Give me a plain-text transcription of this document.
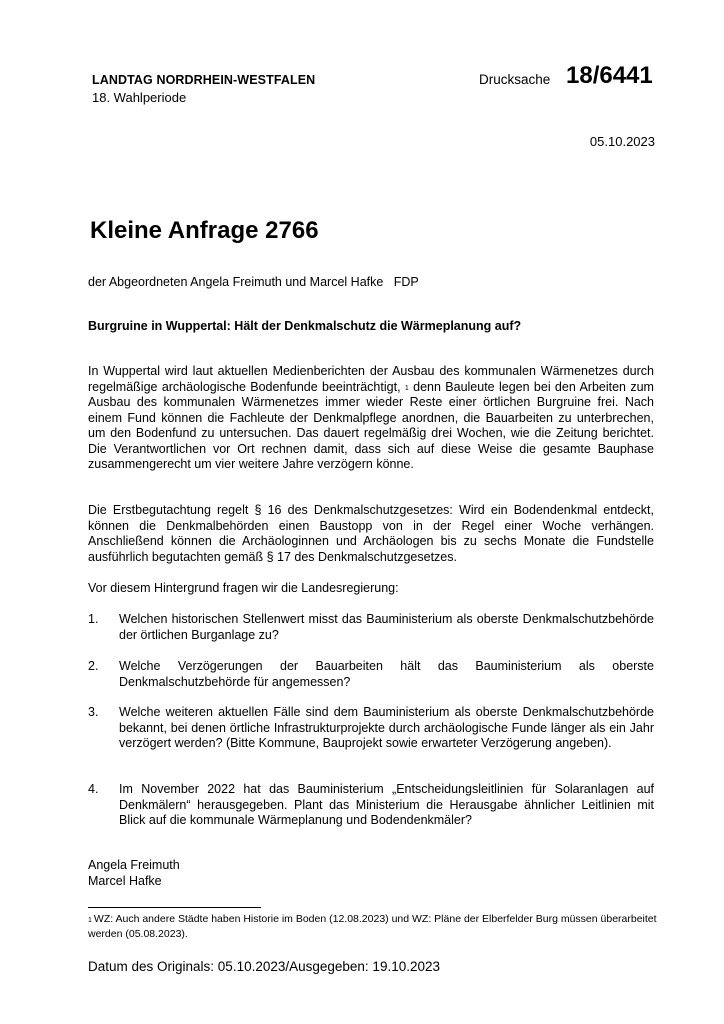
LANDTAG NORDRHEIN-WESTFALEN
18. Wahlperiode
Drucksache 18/6441
05.10.2023
Kleine Anfrage 2766
der Abgeordneten Angela Freimuth und Marcel Hafke   FDP
Burgruine in Wuppertal: Hält der Denkmalschutz die Wärmeplanung auf?
In Wuppertal wird laut aktuellen Medienberichten der Ausbau des kommunalen Wärmenetzes durch regelmäßige archäologische Bodenfunde beeinträchtigt, $^1$ denn Bauleute legen bei den Arbeiten zum Ausbau des kommunalen Wärmenetzes immer wieder Reste einer örtlichen Burgruine frei. Nach einem Fund können die Fachleute der Denkmalpflege anordnen, die Bauarbeiten zu unterbrechen, um den Bodenfund zu untersuchen. Das dauert regelmäßig drei Wochen, wie die Zeitung berichtet. Die Verantwortlichen vor Ort rechnen damit, dass sich auf diese Weise die gesamte Bauphase zusammengerecht um vier weitere Jahre verzögern könne.
Die Erstbegutachtung regelt § 16 des Denkmalschutzgesetzes: Wird ein Bodendenkmal entdeckt, können die Denkmalbehörden einen Baustopp von in der Regel einer Woche verhängen. Anschließend können die Archäologinnen und Archäologen bis zu sechs Monate die Fundstelle ausführlich begutachten gemäß § 17 des Denkmalschutzgesetzes.
Vor diesem Hintergrund fragen wir die Landesregierung:
1. Welchen historischen Stellenwert misst das Bauministerium als oberste Denkmalschutzbehörde der örtlichen Burganlage zu?
2. Welche Verzögerungen der Bauarbeiten hält das Bauministerium als oberste Denkmalschutzbehörde für angemessen?
3. Welche weiteren aktuellen Fälle sind dem Bauministerium als oberste Denkmalschutzbehörde bekannt, bei denen örtliche Infrastrukturprojekte durch archäologische Funde länger als ein Jahr verzögert werden? (Bitte Kommune, Bauprojekt sowie erwarteter Verzögerung angeben).
4. Im November 2022 hat das Bauministerium „Entscheidungsleitlinien für Solaranlagen auf Denkmälern“ herausgegeben. Plant das Ministerium die Herausgabe ähnlicher Leitlinien mit Blick auf die kommunale Wärmeplanung und Bodendenkmäler?
Angela Freimuth
Marcel Hafke
$^1$ WZ: Auch andere Städte haben Historie im Boden (12.08.2023) und WZ: Pläne der Elberfelder Burg müssen überarbeitet werden (05.08.2023).
Datum des Originals: 05.10.2023/Ausgegeben: 19.10.2023
